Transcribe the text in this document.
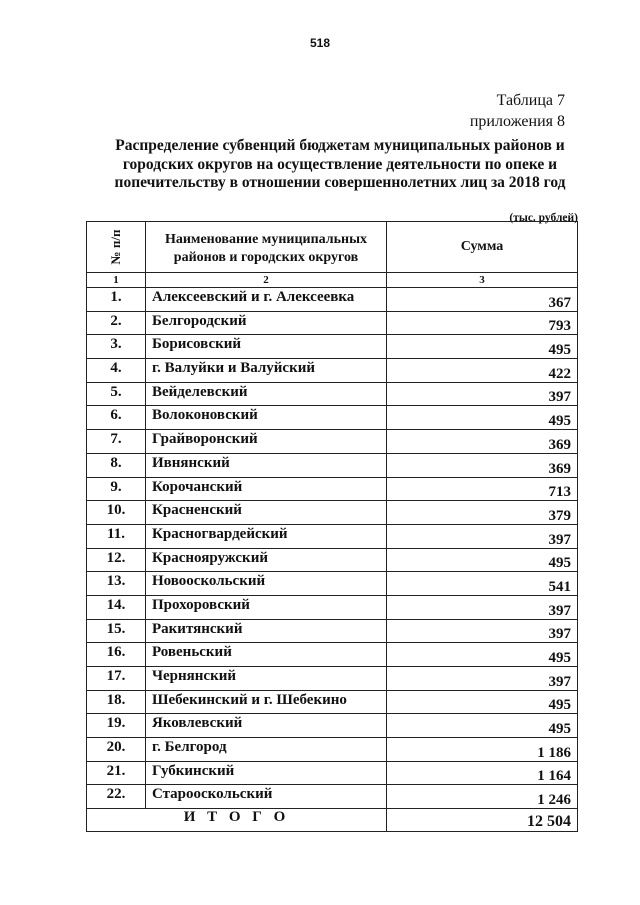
518
Таблица 7
приложения 8
Распределение субвенций бюджетам муниципальных районов и городских округов на осуществление деятельности по опеке и попечительству в отношении совершеннолетних лиц за 2018 год
(тыс. рублей)
№ п/п	Наименование муниципальных районов и городских округов	Сумма
1	2	3
1.	Алексеевский и г. Алексеевка	367
2.	Белгородский	793
3.	Борисовский	495
4.	г. Валуйки и Валуйский	422
5.	Вейделевский	397
6.	Волоконовский	495
7.	Грайворонский	369
8.	Ивнянский	369
9.	Корочанский	713
10.	Красненский	379
11.	Красногвардейский	397
12.	Краснояружский	495
13.	Новооскольский	541
14.	Прохоровский	397
15.	Ракитянский	397
16.	Ровеньский	495
17.	Чернянский	397
18.	Шебекинский и г. Шебекино	495
19.	Яковлевский	495
20.	г. Белгород	1 186
21.	Губкинский	1 164
22.	Старооскольский	1 246
И Т О Г О		12 504
